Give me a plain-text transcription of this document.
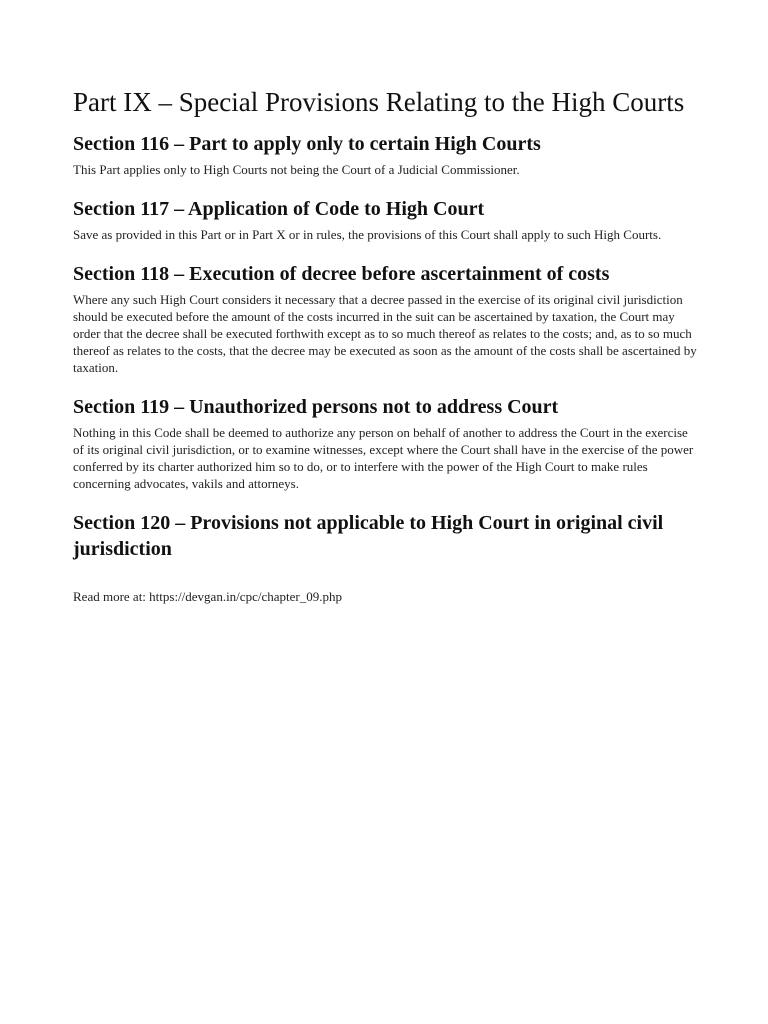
Part IX – Special Provisions Relating to the High Courts
Section 116 – Part to apply only to certain High Courts

This Part applies only to High Courts not being the Court of a Judicial Commissioner.

Section 117 – Application of Code to High Court

Save as provided in this Part or in Part X or in rules, the provisions of this Court shall apply to such High Courts.

Section 118 – Execution of decree before ascertainment of costs

Where any such High Court considers it necessary that a decree passed in the exercise of its original civil jurisdiction should be executed before the amount of the costs incurred in the suit can be ascertained by taxation, the Court may order that the decree shall be executed forthwith except as to so much thereof as relates to the costs; and, as to so much thereof as relates to the costs, that the decree may be executed as soon as the amount of the costs shall be ascertained by taxation.

Section 119 – Unauthorized persons not to address Court

Nothing in this Code shall be deemed to authorize any person on behalf of another to address the Court in the exercise of its original civil jurisdiction, or to examine witnesses, except where the Court shall have in the exercise of the power conferred by its charter authorized him so to do, or to interfere with the power of the High Court to make rules concerning advocates, vakils and attorneys.

Section 120 – Provisions not applicable to High Court in original civil jurisdiction
Read more at: https://devgan.in/cpc/chapter_09.php
